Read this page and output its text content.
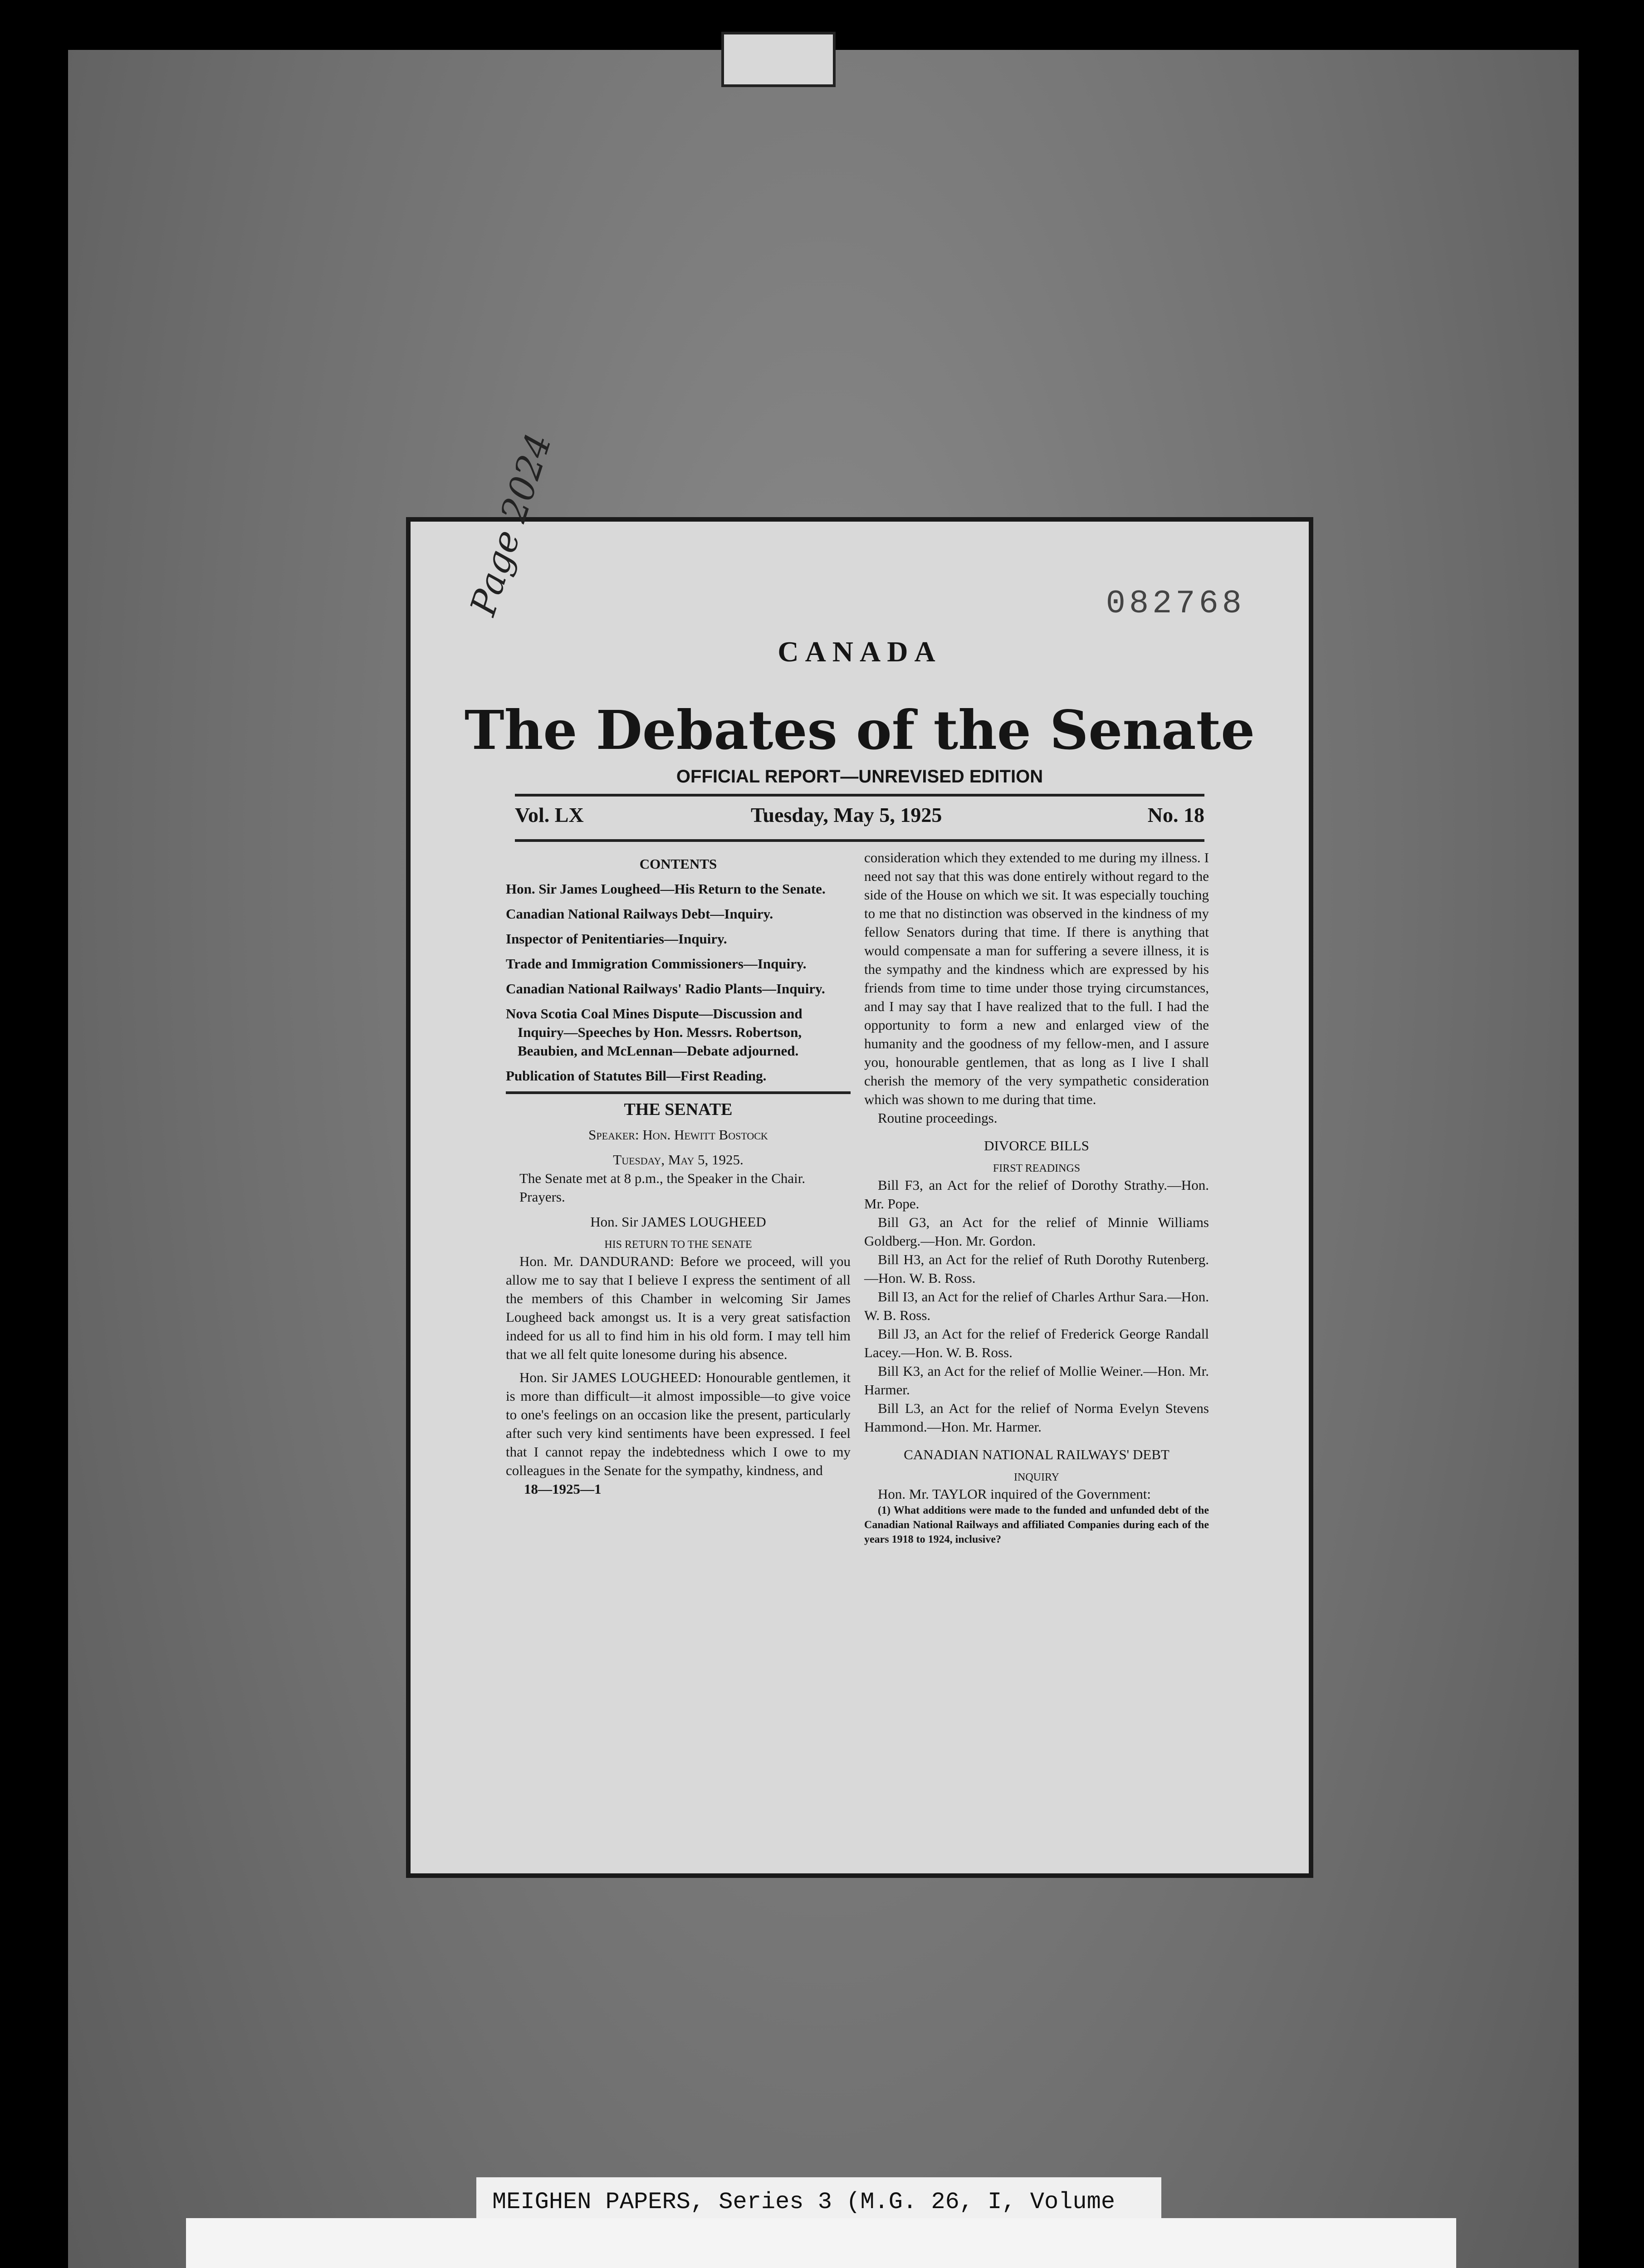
Page 2024	082768
CANADA
The Debates of the Senate
OFFICIAL REPORT—UNREVISED EDITION
Vol. LX	Tuesday, May 5, 1925	No. 18
CONTENTS
Hon. Sir James Lougheed—His Return to the Senate.
Canadian National Railways Debt—Inquiry.
Inspector of Penitentiaries—Inquiry.
Trade and Immigration Commissioners—Inquiry.
Canadian National Railways' Radio Plants—Inquiry.
Nova Scotia Coal Mines Dispute—Discussion and Inquiry—Speeches by Hon. Messrs. Robertson, Beaubien, and McLennan—Debate adjourned.
Publication of Statutes Bill—First Reading.
THE SENATE
Speaker: Hon. Hewitt Bostock
Tuesday, May 5, 1925.

The Senate met at 8 p.m., the Speaker in the Chair.

Prayers.

Hon. Sir JAMES LOUGHEED
HIS RETURN TO THE SENATE

Hon. Mr. DANDURAND: Before we proceed, will you allow me to say that I believe I express the sentiment of all the members of this Chamber in welcoming Sir James Lougheed back amongst us. It is a very great satisfaction indeed for us all to find him in his old form. I may tell him that we all felt quite lonesome during his absence.

Hon. Sir JAMES LOUGHEED: Honourable gentlemen, it is more than difficult—it almost impossible—to give voice to one's feelings on an occasion like the present, particularly after such very kind sentiments have been expressed. I feel that I cannot repay the indebtedness which I owe to my colleagues in the Senate for the sympathy, kindness, and

18—1925—1

consideration which they extended to me during my illness. I need not say that this was done entirely without regard to the side of the House on which we sit. It was especially touching to me that no distinction was observed in the kindness of my fellow Senators during that time. If there is anything that would compensate a man for suffering a severe illness, it is the sympathy and the kindness which are expressed by his friends from time to time under those trying circumstances, and I may say that I have realized that to the full. I had the opportunity to form a new and enlarged view of the humanity and the goodness of my fellow-men, and I assure you, honourable gentlemen, that as long as I live I shall cherish the memory of the very sympathetic consideration which was shown to me during that time.

Routine proceedings.

DIVORCE BILLS
FIRST READINGS

Bill F3, an Act for the relief of Dorothy Strathy.—Hon. Mr. Pope.

Bill G3, an Act for the relief of Minnie Williams Goldberg.—Hon. Mr. Gordon.

Bill H3, an Act for the relief of Ruth Dorothy Rutenberg.—Hon. W. B. Ross.

Bill I3, an Act for the relief of Charles Arthur Sara.—Hon. W. B. Ross.

Bill J3, an Act for the relief of Frederick George Randall Lacey.—Hon. W. B. Ross.

Bill K3, an Act for the relief of Mollie Weiner.—Hon. Mr. Harmer.

Bill L3, an Act for the relief of Norma Evelyn Stevens Hammond.—Hon. Mr. Harmer.

CANADIAN NATIONAL RAILWAYS' DEBT
INQUIRY

Hon. Mr. TAYLOR inquired of the Government:

(1) What additions were made to the funded and unfunded debt of the Canadian National Railways and affiliated Companies during each of the years 1918 to 1924, inclusive?

MEIGHEN PAPERS, Series 3 (M.G. 26, I, Volume
